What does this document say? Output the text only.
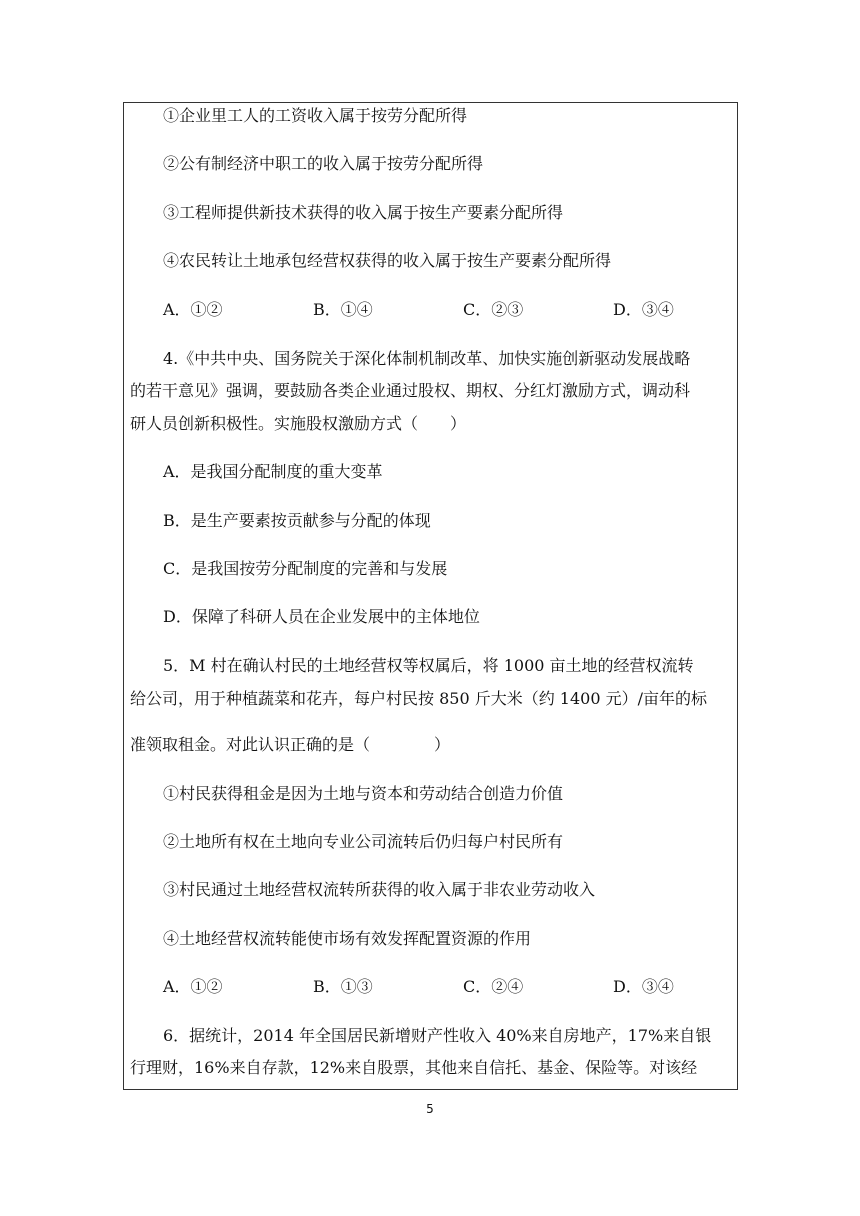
①企业里工人的工资收入属于按劳分配所得
②公有制经济中职工的收入属于按劳分配所得
③工程师提供新技术获得的收入属于按生产要素分配所得
④农民转让土地承包经营权获得的收入属于按生产要素分配所得
A．①②	B．①④	C．②③	D．③④
4.《中共中央、国务院关于深化体制机制改革、加快实施创新驱动发展战略
的若干意见》强调，要鼓励各类企业通过股权、期权、分红灯激励方式，调动科
研人员创新积极性。实施股权激励方式（　　）
A．是我国分配制度的重大变革
B．是生产要素按贡献参与分配的体现
C．是我国按劳分配制度的完善和与发展
D．保障了科研人员在企业发展中的主体地位
5．M 村在确认村民的土地经营权等权属后，将 1000 亩土地的经营权流转
给公司，用于种植蔬菜和花卉，每户村民按 850 斤大米（约 1400 元）/亩年的标
准领取租金。对此认识正确的是（　　　　）
①村民获得租金是因为土地与资本和劳动结合创造力价值
②土地所有权在土地向专业公司流转后仍归每户村民所有
③村民通过土地经营权流转所获得的收入属于非农业劳动收入
④土地经营权流转能使市场有效发挥配置资源的作用
A．①②	B．①③	C．②④	D．③④
6．据统计，2014 年全国居民新增财产性收入 40%来自房地产，17%来自银
行理财，16%来自存款，12%来自股票，其他来自信托、基金、保险等。对该经
5
